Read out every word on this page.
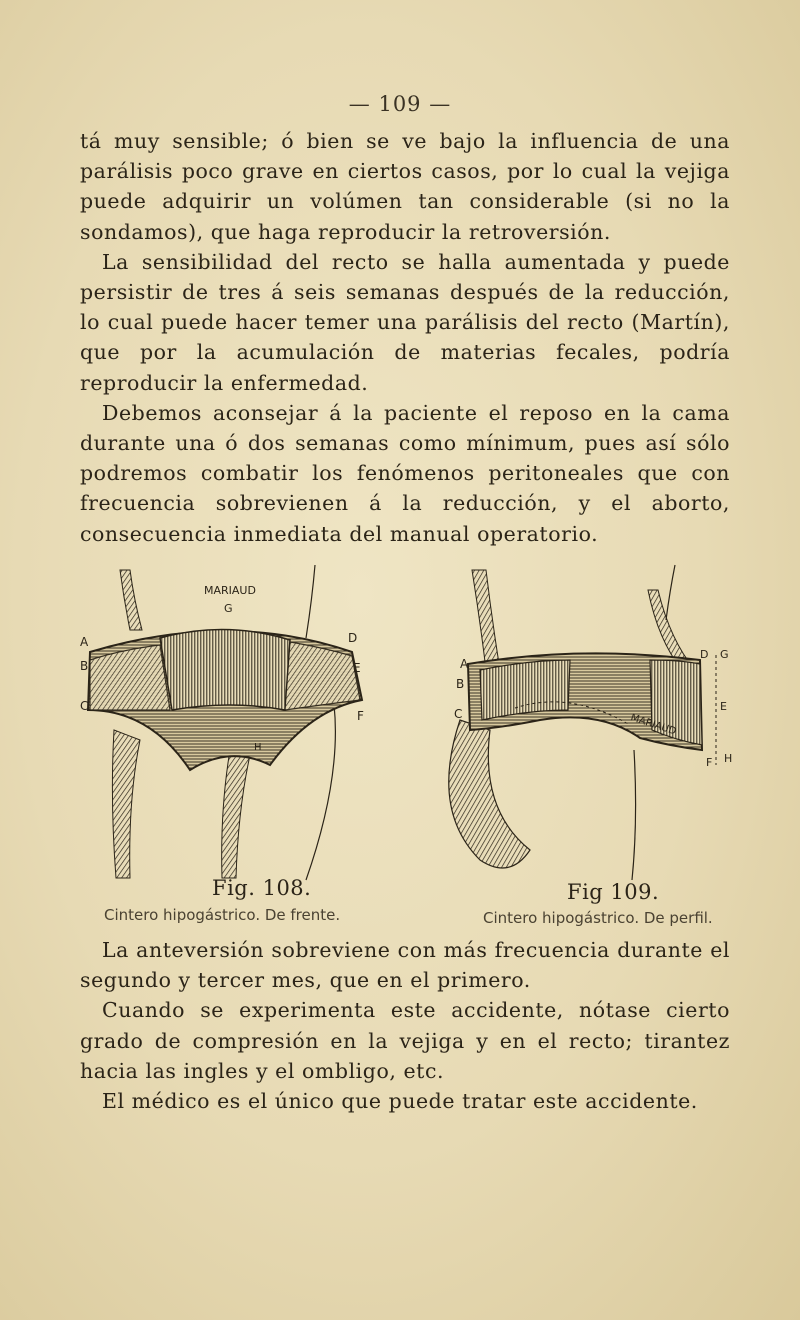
— 109 —

tá muy sensible; ó bien se ve bajo la influencia de una parálisis poco grave en ciertos casos, por lo cual la vejiga puede adquirir un volúmen tan considerable (si no la sondamos), que haga reproducir la retroversión.

La sensibilidad del recto se halla aumentada y puede persistir de tres á seis semanas después de la reducción, lo cual puede hacer temer una parálisis del recto (Martín), que por la acumulación de materias fecales, podría reproducir la enfermedad.

Debemos aconsejar á la paciente el reposo en la cama durante una ó dos semanas como mínimum, pues así sólo podremos combatir los fenómenos peritoneales que con frecuencia sobrevienen á la reducción, y el aborto, consecuencia inmediata del manual operatorio.

MARIAUD
G
A
B
C
D
E
F
H
MARIAUD
A
B
C
D G
E
F H
Fig. 108.	Fig 109.
Cintero hipogástrico. De frente.	Cintero hipogástrico. De perfil.

La anteversión sobreviene con más frecuencia durante el segundo y tercer mes, que en el primero.

Cuando se experimenta este accidente, nótase cierto grado de compresión en la vejiga y en el recto; tirantez hacia las ingles y el ombligo, etc.

El médico es el único que puede tratar este accidente.
